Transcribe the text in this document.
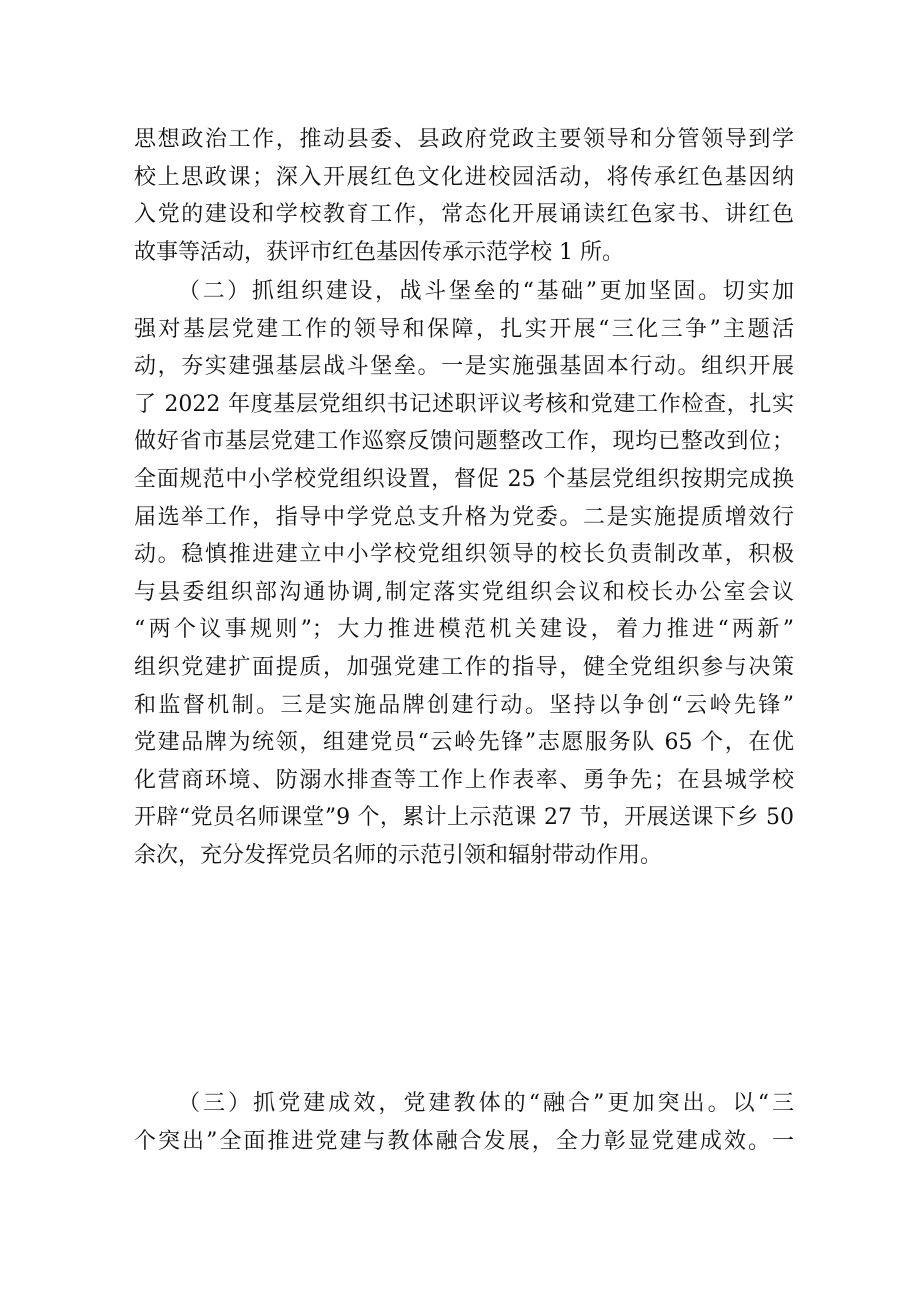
思想政治工作，推动县委、县政府党政主要领导和分管领导到学
校上思政课；深入开展红色文化进校园活动，将传承红色基因纳
入党的建设和学校教育工作，常态化开展诵读红色家书、讲红色
故事等活动，获评市红色基因传承示范学校 1 所。
（二）抓组织建设，战斗堡垒的“基础”更加坚固。切实加
强对基层党建工作的领导和保障，扎实开展“三化三争”主题活
动，夯实建强基层战斗堡垒。一是实施强基固本行动。组织开展
了 2022 年度基层党组织书记述职评议考核和党建工作检查，扎实
做好省市基层党建工作巡察反馈问题整改工作，现均已整改到位；
全面规范中小学校党组织设置，督促 25 个基层党组织按期完成换
届选举工作，指导中学党总支升格为党委。二是实施提质增效行
动。稳慎推进建立中小学校党组织领导的校长负责制改革，积极
与县委组织部沟通协调,制定落实党组织会议和校长办公室会议
“两个议事规则”；大力推进模范机关建设，着力推进“两新”
组织党建扩面提质，加强党建工作的指导，健全党组织参与决策
和监督机制。三是实施品牌创建行动。坚持以争创“云岭先锋”
党建品牌为统领，组建党员“云岭先锋”志愿服务队 65 个，在优
化营商环境、防溺水排查等工作上作表率、勇争先；在县城学校
开辟“党员名师课堂”9 个，累计上示范课 27 节，开展送课下乡 50
余次，充分发挥党员名师的示范引领和辐射带动作用。
（三）抓党建成效，党建教体的“融合”更加突出。以“三
个突出”全面推进党建与教体融合发展，全力彰显党建成效。一
